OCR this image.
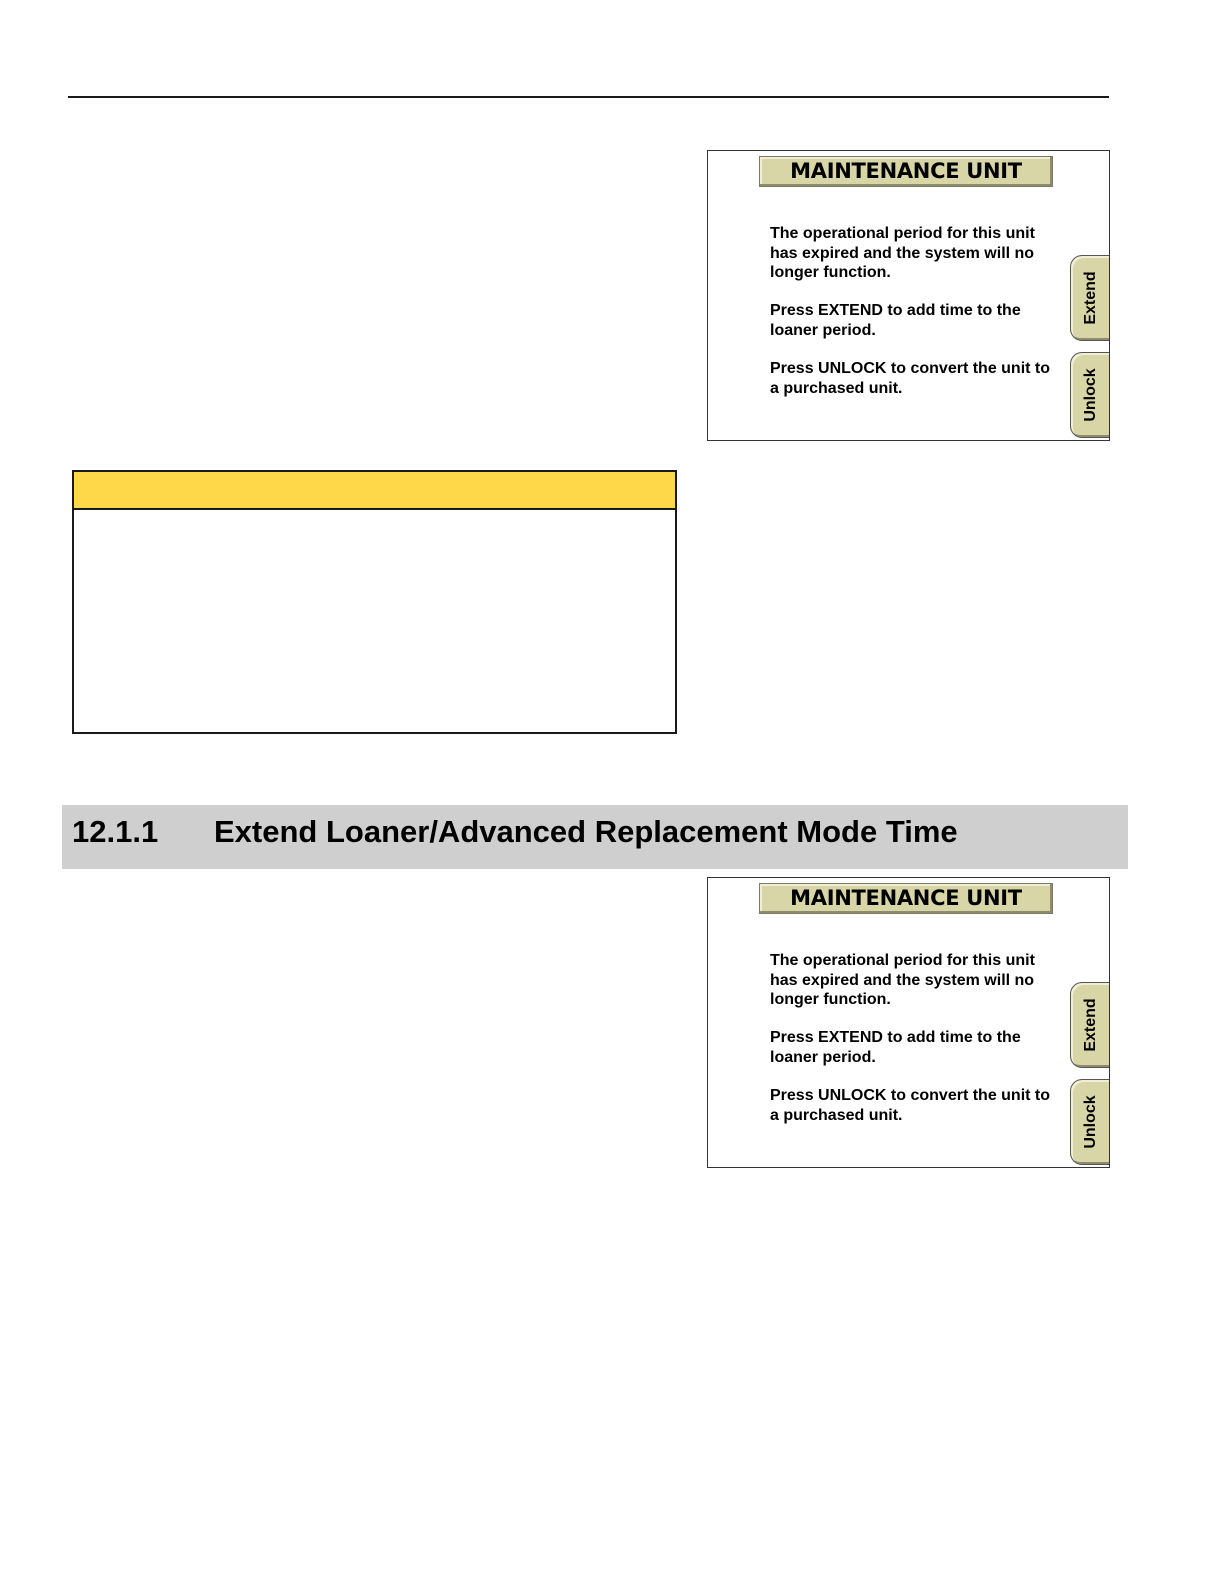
MAINTENANCE UNIT
The operational period for this unit has expired and the system will no longer function.
Press EXTEND to add time to the loaner period.
Press UNLOCK to convert the unit to a purchased unit.
Extend
Unlock
12.1.1 Extend Loaner/Advanced Replacement Mode Time
MAINTENANCE UNIT
The operational period for this unit has expired and the system will no longer function.
Press EXTEND to add time to the loaner period.
Press UNLOCK to convert the unit to a purchased unit.
Extend
Unlock
